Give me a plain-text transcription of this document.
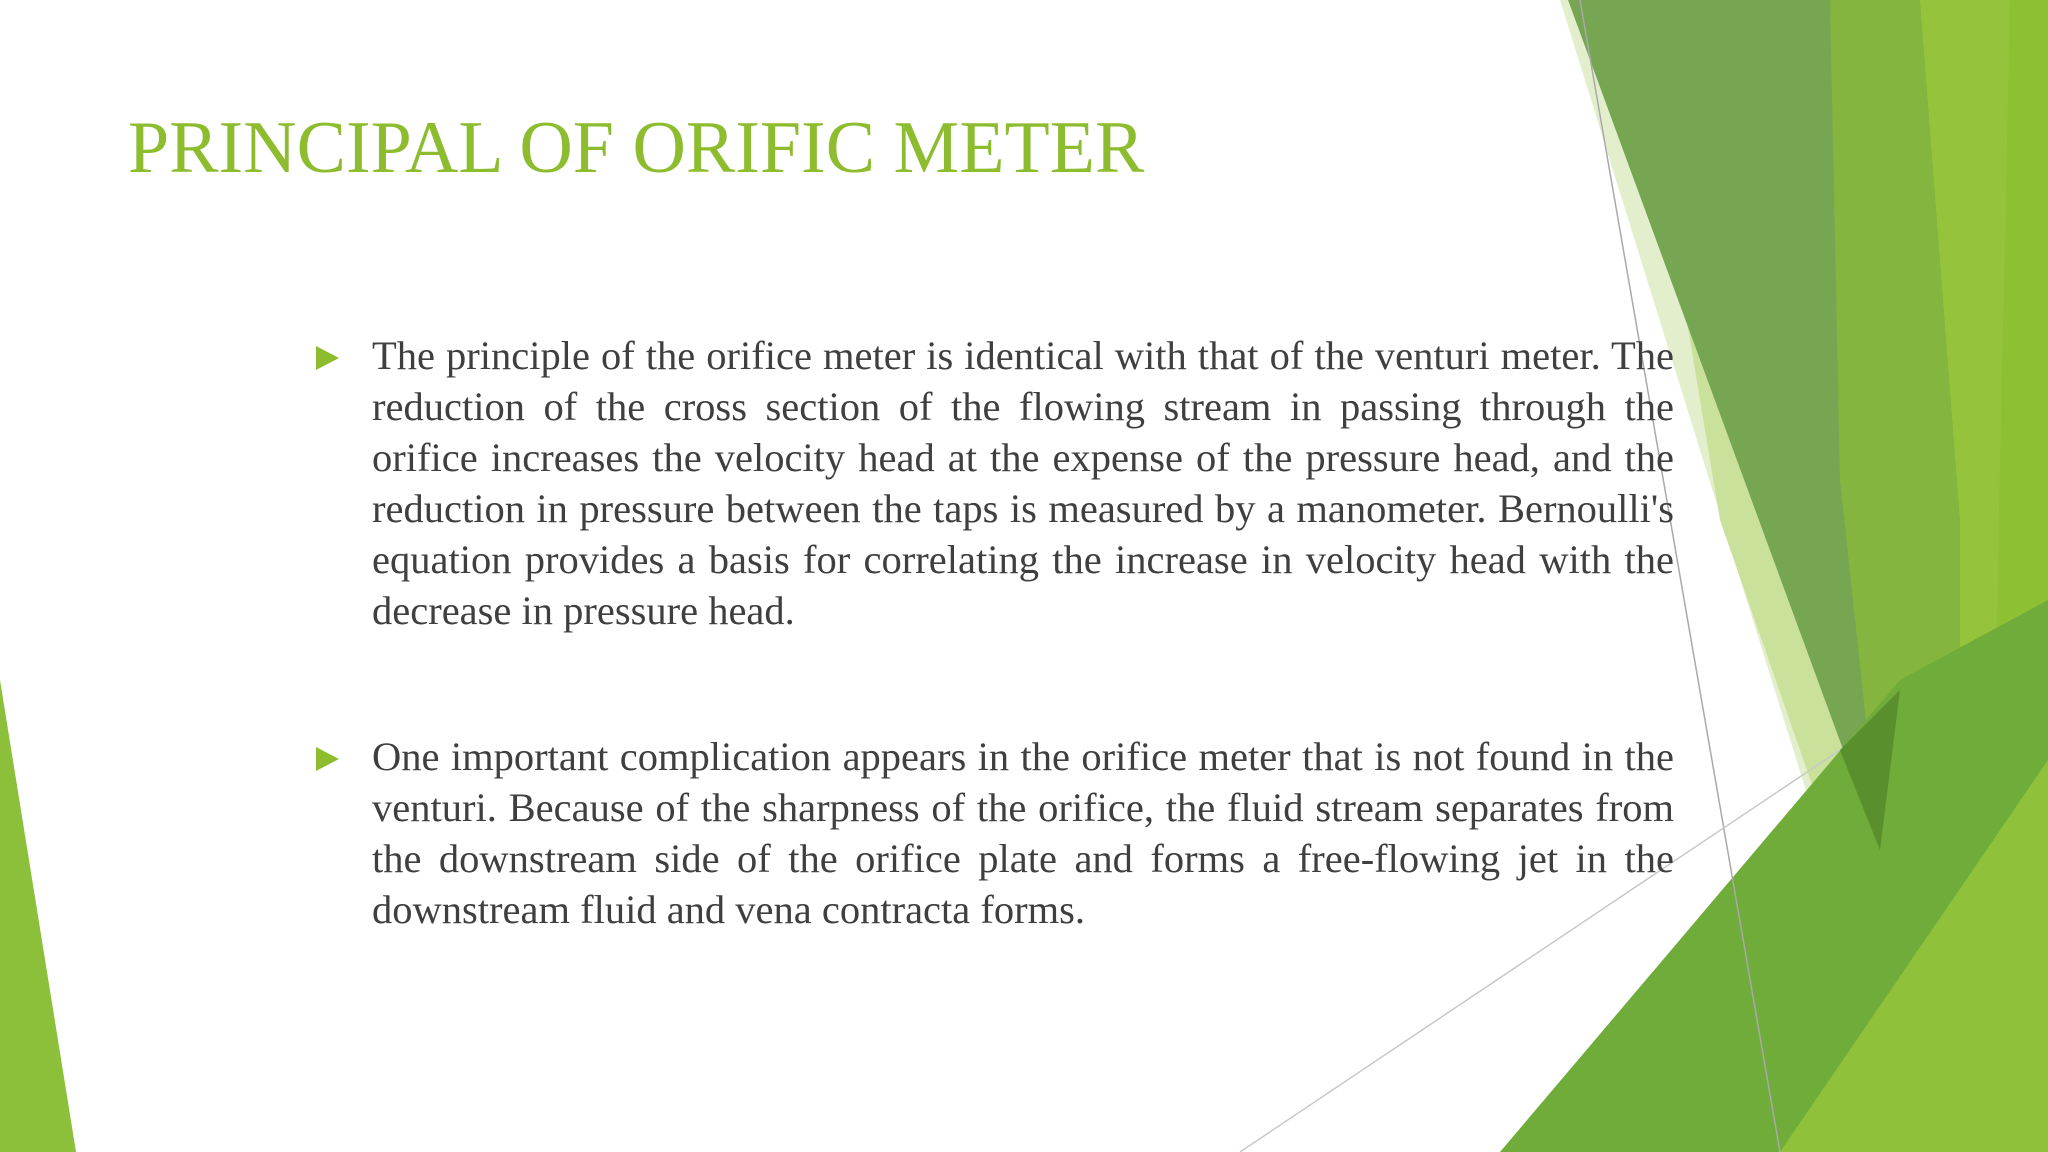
PRINCIPAL OF ORIFIC METER
The principle of the orifice meter is identical with that of the venturi meter. The reduction of the cross section of the flowing stream in passing through the orifice increases the velocity head at the expense of the pressure head, and the reduction in pressure between the taps is measured by a manometer. Bernoulli's equation provides a basis for correlating the increase in velocity head with the decrease in pressure head.
One important complication appears in the orifice meter that is not found in the venturi. Because of the sharpness of the orifice, the fluid stream separates from the downstream side of the orifice plate and forms a free-flowing jet in the downstream fluid and vena contracta forms.
